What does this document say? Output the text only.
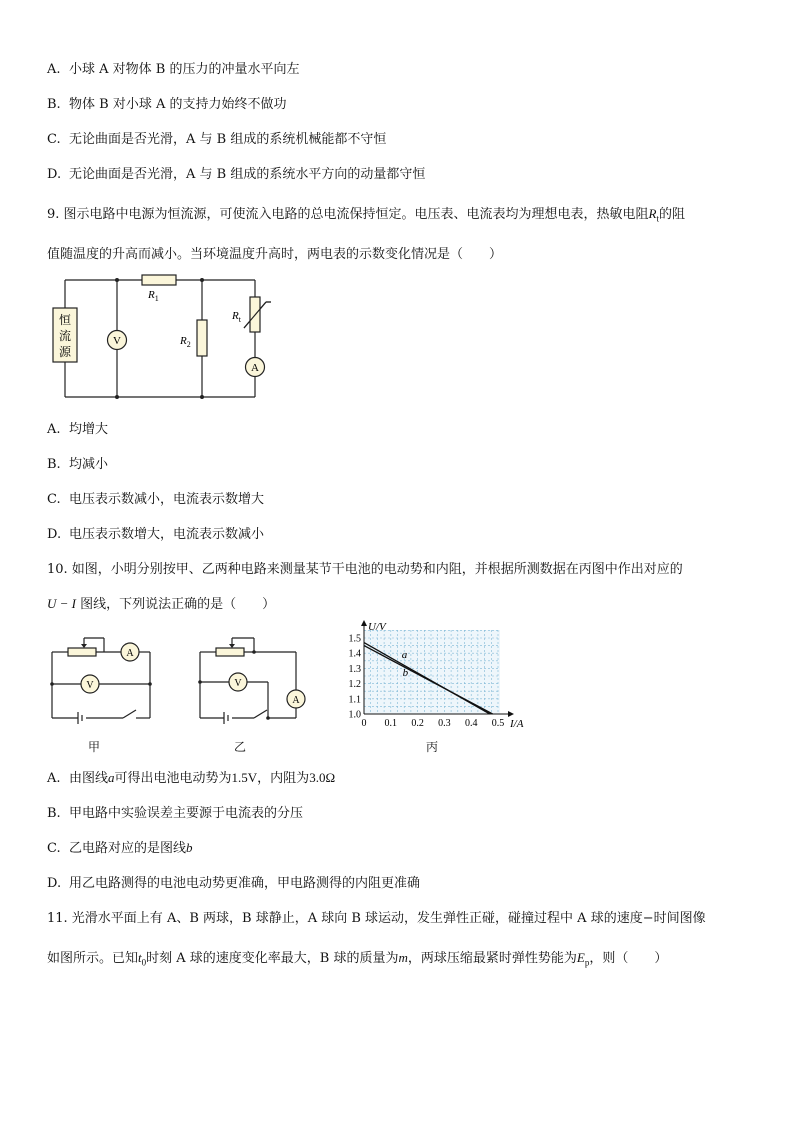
A. 小球 A 对物体 B 的压力的冲量水平向左
B. 物体 B 对小球 A 的支持力始终不做功
C. 无论曲面是否光滑，A 与 B 组成的系统机械能都不守恒
D. 无论曲面是否光滑，A 与 B 组成的系统水平方向的动量都守恒
9. 图示电路中电源为恒流源，可使流入电路的总电流保持恒定。电压表、电流表均为理想电表，热敏电阻$R_t$的阻
值随温度的升高而减小。当环境温度升高时，两电表的示数变化情况是（　　）
恒
流
源
$R_1$
$R_2$
$R_t$
V
A
A. 均增大
B. 均减小
C. 电压表示数减小，电流表示数增大
D. 电压表示数增大，电流表示数减小
10. 如图，小明分别按甲、乙两种电路来测量某节干电池的电动势和内阻，并根据所测数据在丙图中作出对应的
U − I 图线，下列说法正确的是（　　）
A
V
甲
V
A
乙
0 0.1 0.2 0.3 0.4 0.5
1.0
1.1
1.2
1.3
1.4
1.5
U/V
I/A
a
b
丙
A. 由图线a可得出电池电动势为1.5V，内阻为3.0Ω
B. 甲电路中实验误差主要源于电流表的分压
C. 乙电路对应的是图线b
D. 用乙电路测得的电池电动势更准确，甲电路测得的内阻更准确
11. 光滑水平面上有 A、B 两球，B 球静止，A 球向 B 球运动，发生弹性正碰，碰撞过程中 A 球的速度−时间图像
如图所示。已知$t_0$时刻 A 球的速度变化率最大，B 球的质量为m，两球压缩最紧时弹性势能为$E_p$，则（　　）
